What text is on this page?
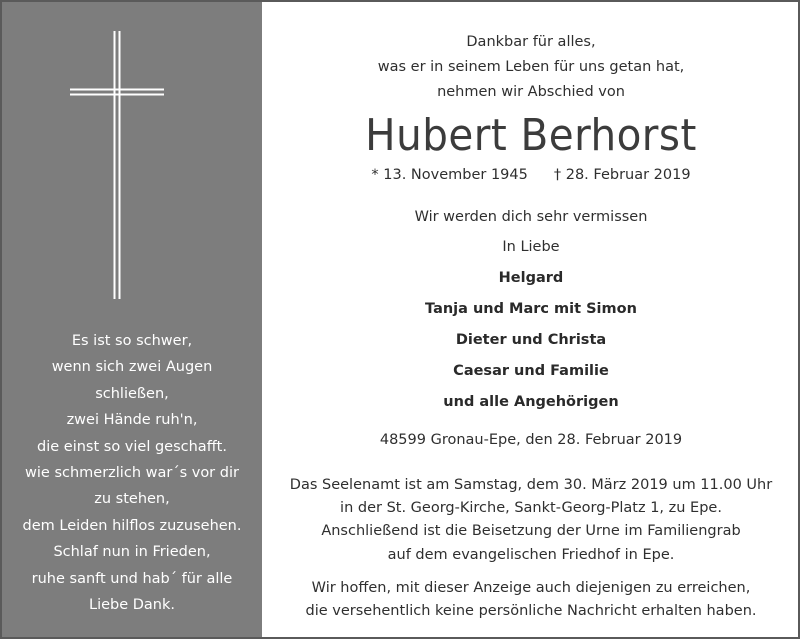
Es ist so schwer,
wenn sich zwei Augen
schließen,
zwei Hände ruh'n,
die einst so viel geschafft.
wie schmerzlich war´s vor dir
zu stehen,
dem Leiden hilflos zuzusehen.
Schlaf nun in Frieden,
ruhe sanft und hab´ für alle
Liebe Dank.
Dankbar für alles,
was er in seinem Leben für uns getan hat,
nehmen wir Abschied von
Hubert Berhorst
* 13. November 1945 † 28. Februar 2019
Wir werden dich sehr vermissen
In Liebe
Helgard
Tanja und Marc mit Simon
Dieter und Christa
Caesar und Familie
und alle Angehörigen
48599 Gronau-Epe, den 28. Februar 2019
Das Seelenamt ist am Samstag, dem 30. März 2019 um 11.00 Uhr
in der St. Georg-Kirche, Sankt-Georg-Platz 1, zu Epe.
Anschließend ist die Beisetzung der Urne im Familiengrab
auf dem evangelischen Friedhof in Epe.
Wir hoffen, mit dieser Anzeige auch diejenigen zu erreichen,
die versehentlich keine persönliche Nachricht erhalten haben.
